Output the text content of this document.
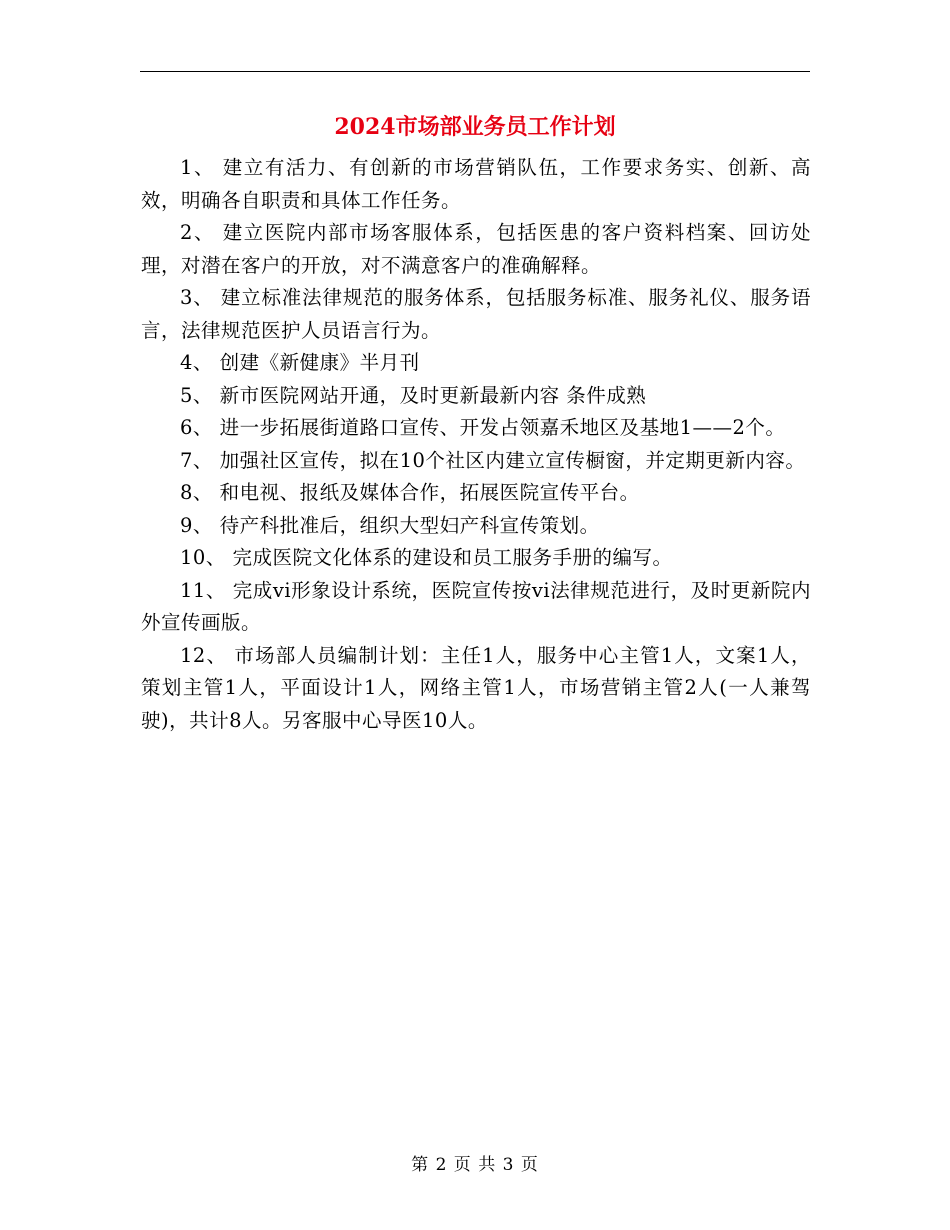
2024市场部业务员工作计划

1、 建立有活力、有创新的市场营销队伍，工作要求务实、创新、高效，明确各自职责和具体工作任务。

2、 建立医院内部市场客服体系，包括医患的客户资料档案、回访处理，对潜在客户的开放，对不满意客户的准确解释。

3、 建立标准法律规范的服务体系，包括服务标准、服务礼仪、服务语言，法律规范医护人员语言行为。

4、 创建《新健康》半月刊

5、 新市医院网站开通，及时更新最新内容 条件成熟

6、 进一步拓展街道路口宣传、开发占领嘉禾地区及基地1——2个。

7、 加强社区宣传，拟在10个社区内建立宣传橱窗，并定期更新内容。

8、 和电视、报纸及媒体合作，拓展医院宣传平台。

9、 待产科批准后，组织大型妇产科宣传策划。

10、 完成医院文化体系的建设和员工服务手册的编写。

11、 完成vi形象设计系统，医院宣传按vi法律规范进行，及时更新院内外宣传画版。

12、 市场部人员编制计划：主任1人，服务中心主管1人，文案1人，策划主管1人，平面设计1人，网络主管1人，市场营销主管2人(一人兼驾驶)，共计8人。另客服中心导医10人。

第 2 页 共 3 页
